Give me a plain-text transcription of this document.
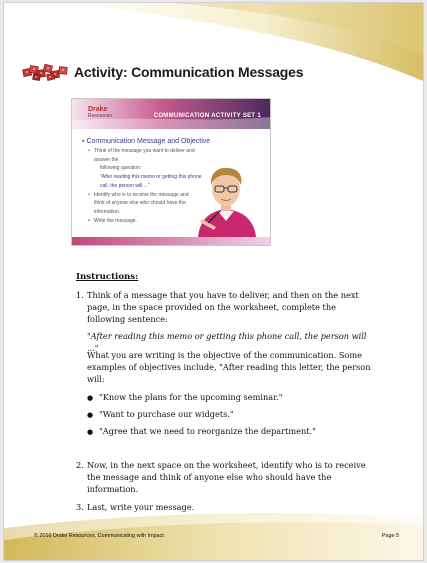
Activity: Communication Messages
Drake
Resources	COMMUNICATION ACTIVITY SET 1
▪ Communication Message and Objective
• Think of the message you want to deliver and answer the
following question:
"After reading this memo or getting this phone
call, the person will ..."
• Identify who is to receive the message and
think of anyone else who should have the
information.
• Write the message.
Instructions:
1. Think of a message that you have to deliver, and then on the next page, in the space provided on the worksheet, complete the following sentence:
"After reading this memo or getting this phone call, the person will ..."
What you are writing is the objective of the communication. Some examples of objectives include, "After reading this letter, the person will:
● "Know the plans for the upcoming seminar."
● "Want to purchase our widgets."
● "Agree that we need to reorganize the department."
2. Now, in the next space on the worksheet, identify who is to receive the message and think of anyone else who should have the information.
3. Last, write your message.
© 2016 Drake Resources, Communicating with Impact	Page 5
